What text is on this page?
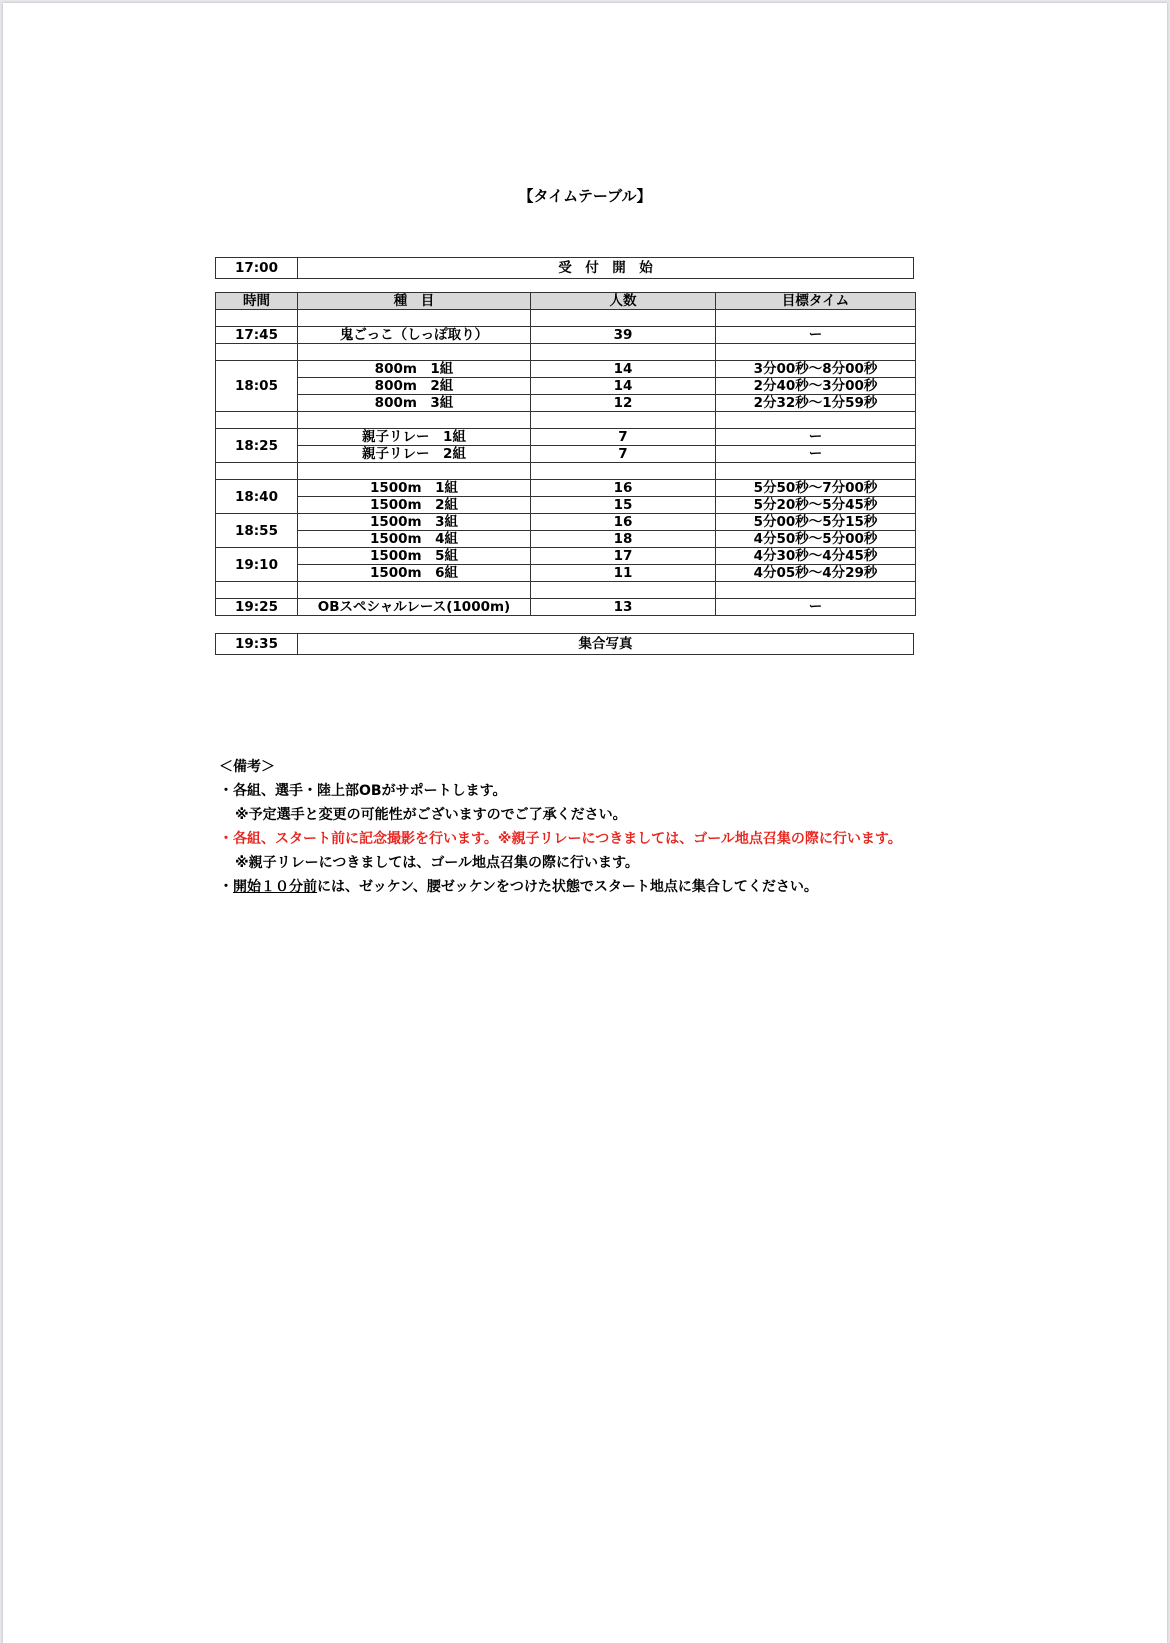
【タイムテーブル】
17:00	受　付　開　始
時間	種　目	人数	目標タイム

17:45	鬼ごっこ（しっぽ取り）	39	ー

18:05	800m　1組	14	3分00秒～8分00秒
	800m　2組	14	2分40秒～3分00秒
	800m　3組	12	2分32秒～1分59秒

18:25	親子リレー　1組	7	ー
	親子リレー　2組	7	ー

18:40	1500m　1組	16	5分50秒～7分00秒
	1500m　2組	15	5分20秒～5分45秒
18:55	1500m　3組	16	5分00秒～5分15秒
	1500m　4組	18	4分50秒～5分00秒
19:10	1500m　5組	17	4分30秒～4分45秒
	1500m　6組	11	4分05秒～4分29秒

19:25	OBスペシャルレース(1000m)	13	ー
19:35	集合写真
＜備考＞
・各組、選手・陸上部OBがサポートします。
※予定選手と変更の可能性がございますのでご了承ください。
・各組、スタート前に記念撮影を行います。※親子リレーにつきましては、ゴール地点召集の際に行います。
※親子リレーにつきましては、ゴール地点召集の際に行います。
・開始１０分前には、ゼッケン、腰ゼッケンをつけた状態でスタート地点に集合してください。
